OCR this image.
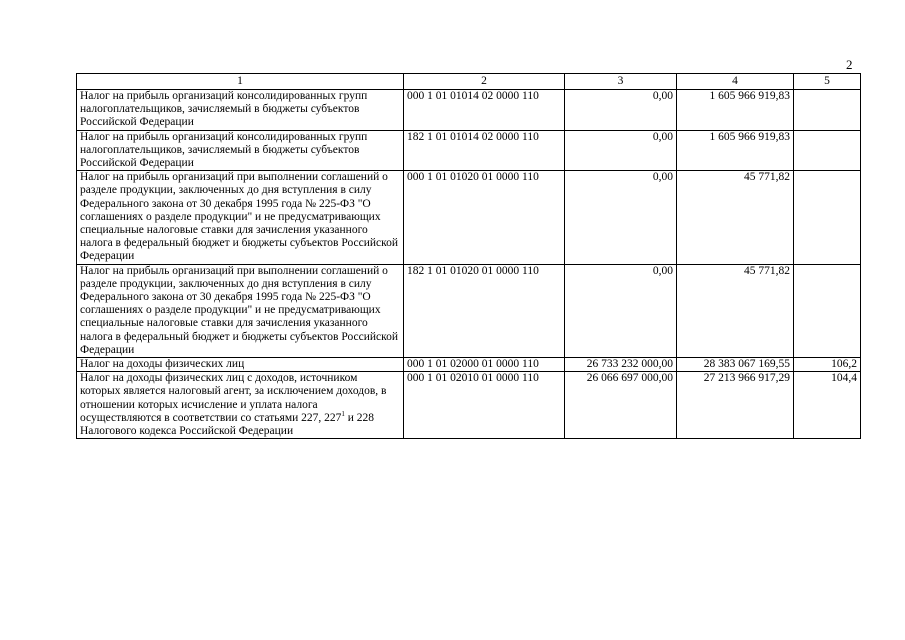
2
1	2	3	4	5
Налог на прибыль организаций консолидированных групп налогоплательщиков, зачисляемый в бюджеты субъектов Российской Федерации	000 1 01 01014 02 0000 110	0,00	1 605 966 919,83	
Налог на прибыль организаций консолидированных групп налогоплательщиков, зачисляемый в бюджеты субъектов Российской Федерации	182 1 01 01014 02 0000 110	0,00	1 605 966 919,83	
Налог на прибыль организаций при выполнении соглашений о разделе продукции, заключенных до дня вступления в силу Федерального закона от 30 декабря 1995 года № 225-ФЗ "О соглашениях о разделе продукции" и не предусматривающих специальные налоговые ставки для зачисления указанного налога в федеральный бюджет и бюджеты субъектов Российской Федерации	000 1 01 01020 01 0000 110	0,00	45 771,82	
Налог на прибыль организаций при выполнении соглашений о разделе продукции, заключенных до дня вступления в силу Федерального закона от 30 декабря 1995 года № 225-ФЗ "О соглашениях о разделе продукции" и не предусматривающих специальные налоговые ставки для зачисления указанного налога в федеральный бюджет и бюджеты субъектов Российской Федерации	182 1 01 01020 01 0000 110	0,00	45 771,82	
Налог на доходы физических лиц	000 1 01 02000 01 0000 110	26 733 232 000,00	28 383 067 169,55	106,2
Налог на доходы физических лиц с доходов, источником которых является налоговый агент, за исключением доходов, в отношении которых исчисление и уплата налога осуществляются в соответствии со статьями 227, $227^1$ и 228 Налогового кодекса Российской Федерации	000 1 01 02010 01 0000 110	26 066 697 000,00	27 213 966 917,29	104,4
